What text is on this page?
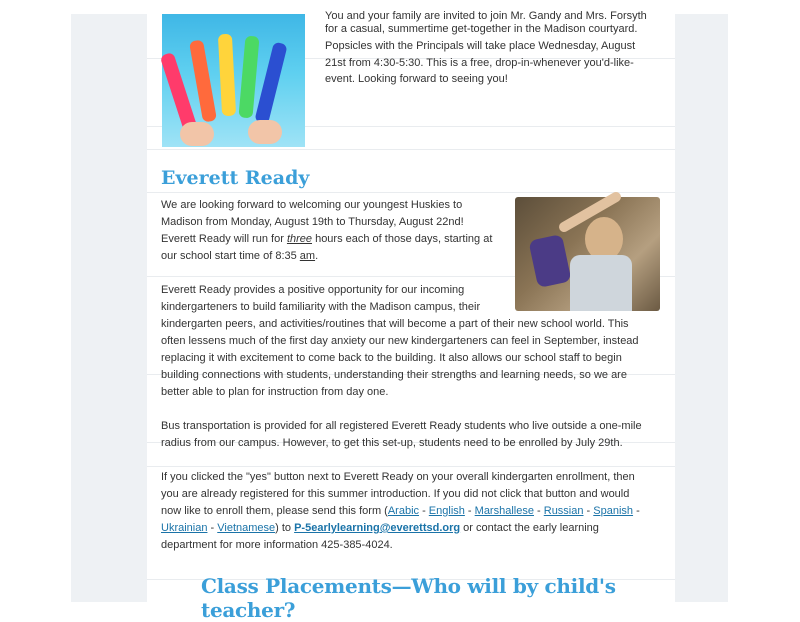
You and your family are invited to join Mr. Gandy and Mrs. Forsyth
for a casual, summertime get-together in the Madison courtyard.
Popsicles with the Principals will take place Wednesday, August
21st from 4:30-5:30. This is a free, drop-in-whenever you'd-like-
event. Looking forward to seeing you!
Everett Ready
We are looking forward to welcoming our youngest Huskies to
Madison from Monday, August 19th to Thursday, August 22nd!
Everett Ready will run for three hours each of those days, starting at
our school start time of 8:35 am.
Everett Ready provides a positive opportunity for our incoming
kindergarteners to build familiarity with the Madison campus, their
kindergarten peers, and activities/routines that will become a part of their new school world. This
often lessens much of the first day anxiety our new kindergarteners can feel in September, instead
replacing it with excitement to come back to the building. It also allows our school staff to begin
building connections with students, understanding their strengths and learning needs, so we are
better able to plan for instruction from day one.
Bus transportation is provided for all registered Everett Ready students who live outside a one-mile
radius from our campus. However, to get this set-up, students need to be enrolled by July 29th.
If you clicked the "yes" button next to Everett Ready on your overall kindergarten enrollment, then
you are already registered for this summer introduction. If you did not click that button and would
now like to enroll them, please send this form (Arabic - English - Marshallese - Russian - Spanish -
Ukrainian - Vietnamese) to P-5earlylearning@everettsd.org or contact the early learning
department for more information 425-385-4024.
Class Placements—Who will by child's teacher?
